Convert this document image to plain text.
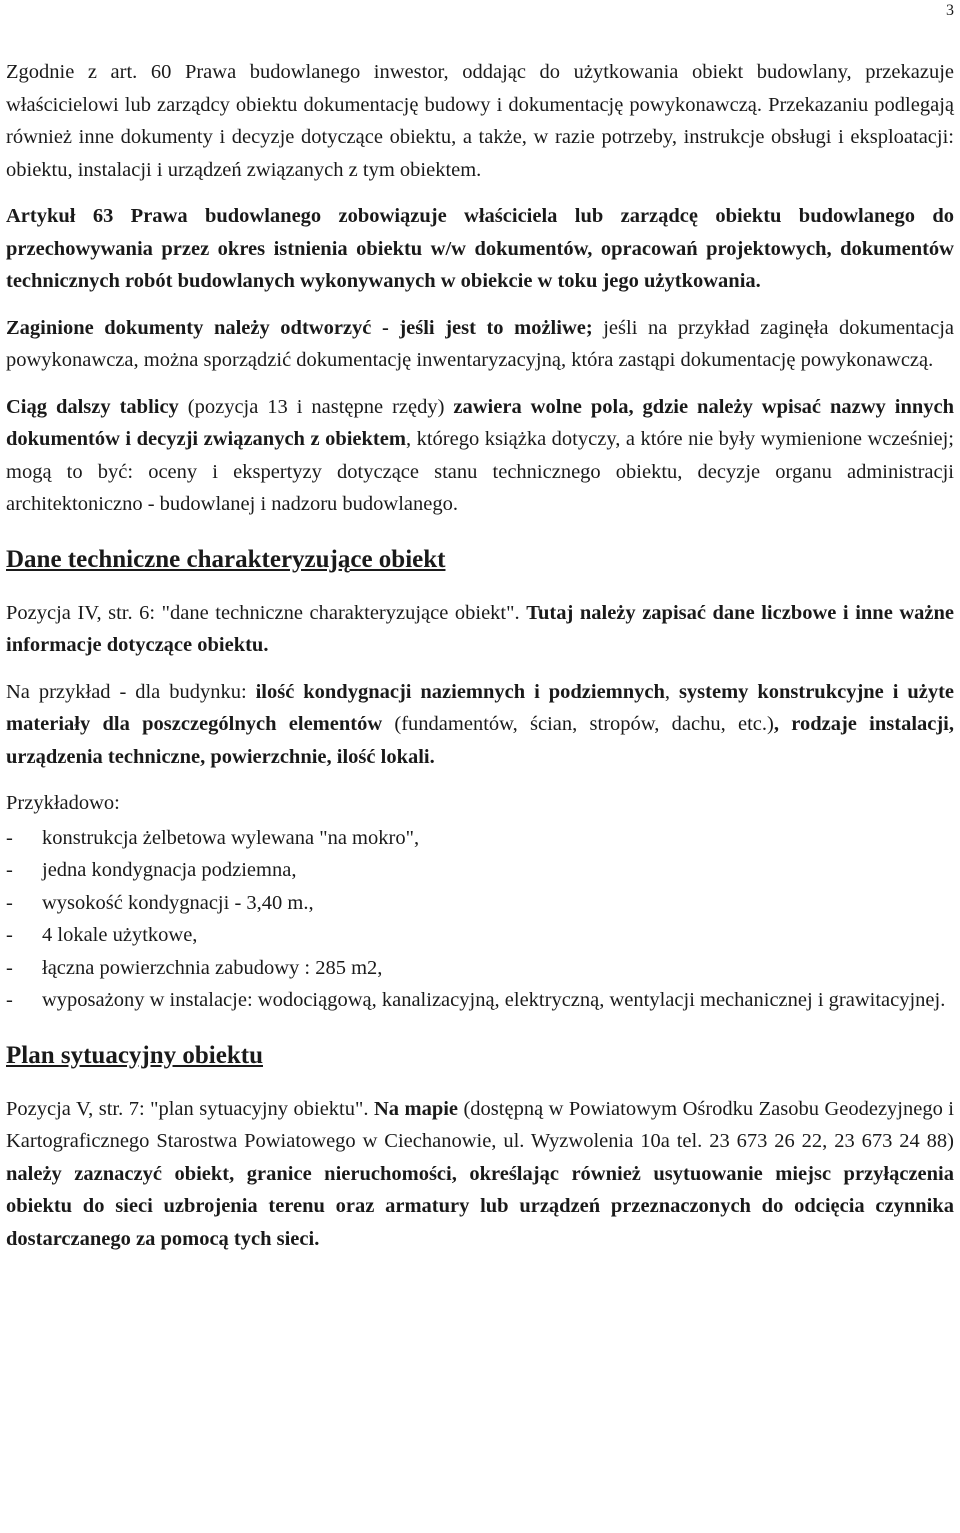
3

Zgodnie z art. 60 Prawa budowlanego inwestor, oddając do użytkowania obiekt budowlany, przekazuje właścicielowi lub zarządcy obiektu dokumentację budowy i dokumentację powykonawczą. Przekazaniu podlegają również inne dokumenty i decyzje dotyczące obiektu, a także, w razie potrzeby, instrukcje obsługi i eksploatacji: obiektu, instalacji i urządzeń związanych z tym obiektem.

Artykuł 63 Prawa budowlanego zobowiązuje właściciela lub zarządcę obiektu budowlanego do przechowywania przez okres istnienia obiektu w/w dokumentów, opracowań projektowych, dokumentów technicznych robót budowlanych wykonywanych w obiekcie w toku jego użytkowania.

Zaginione dokumenty należy odtworzyć - jeśli jest to możliwe; jeśli na przykład zaginęła dokumentacja powykonawcza, można sporządzić dokumentację inwentaryzacyjną, która zastąpi dokumentację powykonawczą.

Ciąg dalszy tablicy (pozycja 13 i następne rzędy) zawiera wolne pola, gdzie należy wpisać nazwy innych dokumentów i decyzji związanych z obiektem, którego książka dotyczy, a które nie były wymienione wcześniej; mogą to być: oceny i ekspertyzy dotyczące stanu technicznego obiektu, decyzje organu administracji architektoniczno - budowlanej i nadzoru budowlanego.

Dane techniczne charakteryzujące obiekt

Pozycja IV, str. 6: "dane techniczne charakteryzujące obiekt". Tutaj należy zapisać dane liczbowe i inne ważne informacje dotyczące obiektu.

Na przykład - dla budynku: ilość kondygnacji naziemnych i podziemnych, systemy konstrukcyjne i użyte materiały dla poszczególnych elementów (fundamentów, ścian, stropów, dachu, etc.), rodzaje instalacji, urządzenia techniczne, powierzchnie, ilość lokali.

Przykładowo:

- konstrukcja żelbetowa wylewana "na mokro",
- jedna kondygnacja podziemna,
- wysokość kondygnacji - 3,40 m.,
- 4 lokale użytkowe,
- łączna powierzchnia zabudowy : 285 m2,
- wyposażony w instalacje: wodociągową, kanalizacyjną, elektryczną, wentylacji mechanicznej i grawitacyjnej.
Plan sytuacyjny obiektu

Pozycja V, str. 7: "plan sytuacyjny obiektu". Na mapie (dostępną w Powiatowym Ośrodku Zasobu Geodezyjnego i Kartograficznego Starostwa Powiatowego w Ciechanowie, ul. Wyzwolenia 10a tel. 23 673 26 22, 23 673 24 88) należy zaznaczyć obiekt, granice nieruchomości, określając również usytuowanie miejsc przyłączenia obiektu do sieci uzbrojenia terenu oraz armatury lub urządzeń przeznaczonych do odcięcia czynnika dostarczanego za pomocą tych sieci.
